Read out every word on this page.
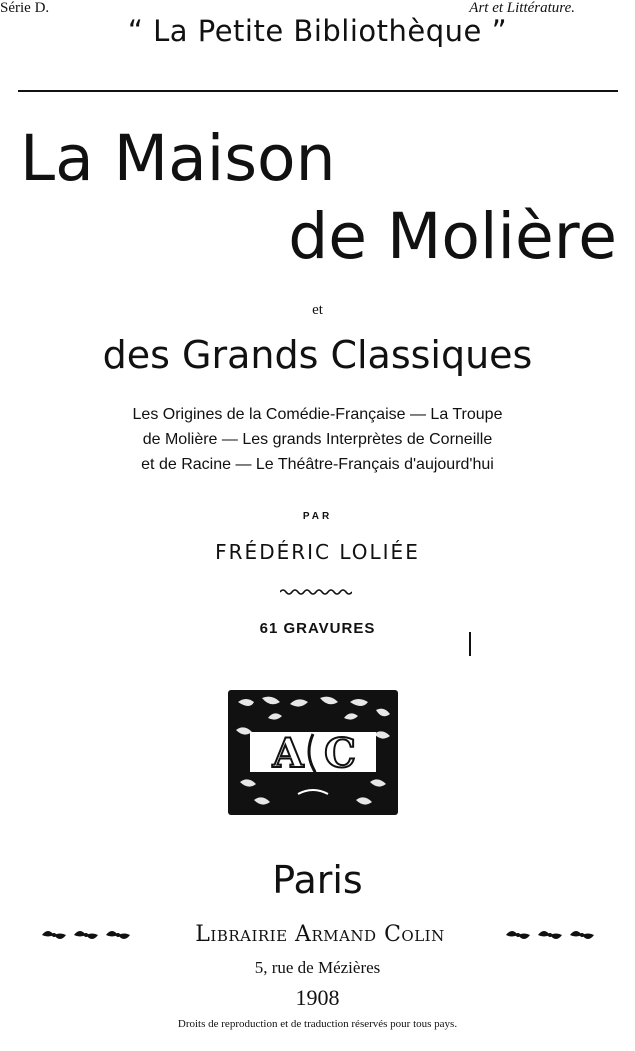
“ La Petite Bibliothèque ”
Série D.	Art et Littérature.
La Maison
de Molière
et
des Grands Classiques
Les Origines de la Comédie-Française — La Troupe
de Molière — Les grands Interprètes de Corneille
et de Racine — Le Théâtre-Français d'aujourd'hui
PAR
FRÉDÉRIC LOLIÉE
61 GRAVURES
A C
Paris
Librairie Armand Colin
5, rue de Mézières
1908
Droits de reproduction et de traduction réservés pour tous pays.
